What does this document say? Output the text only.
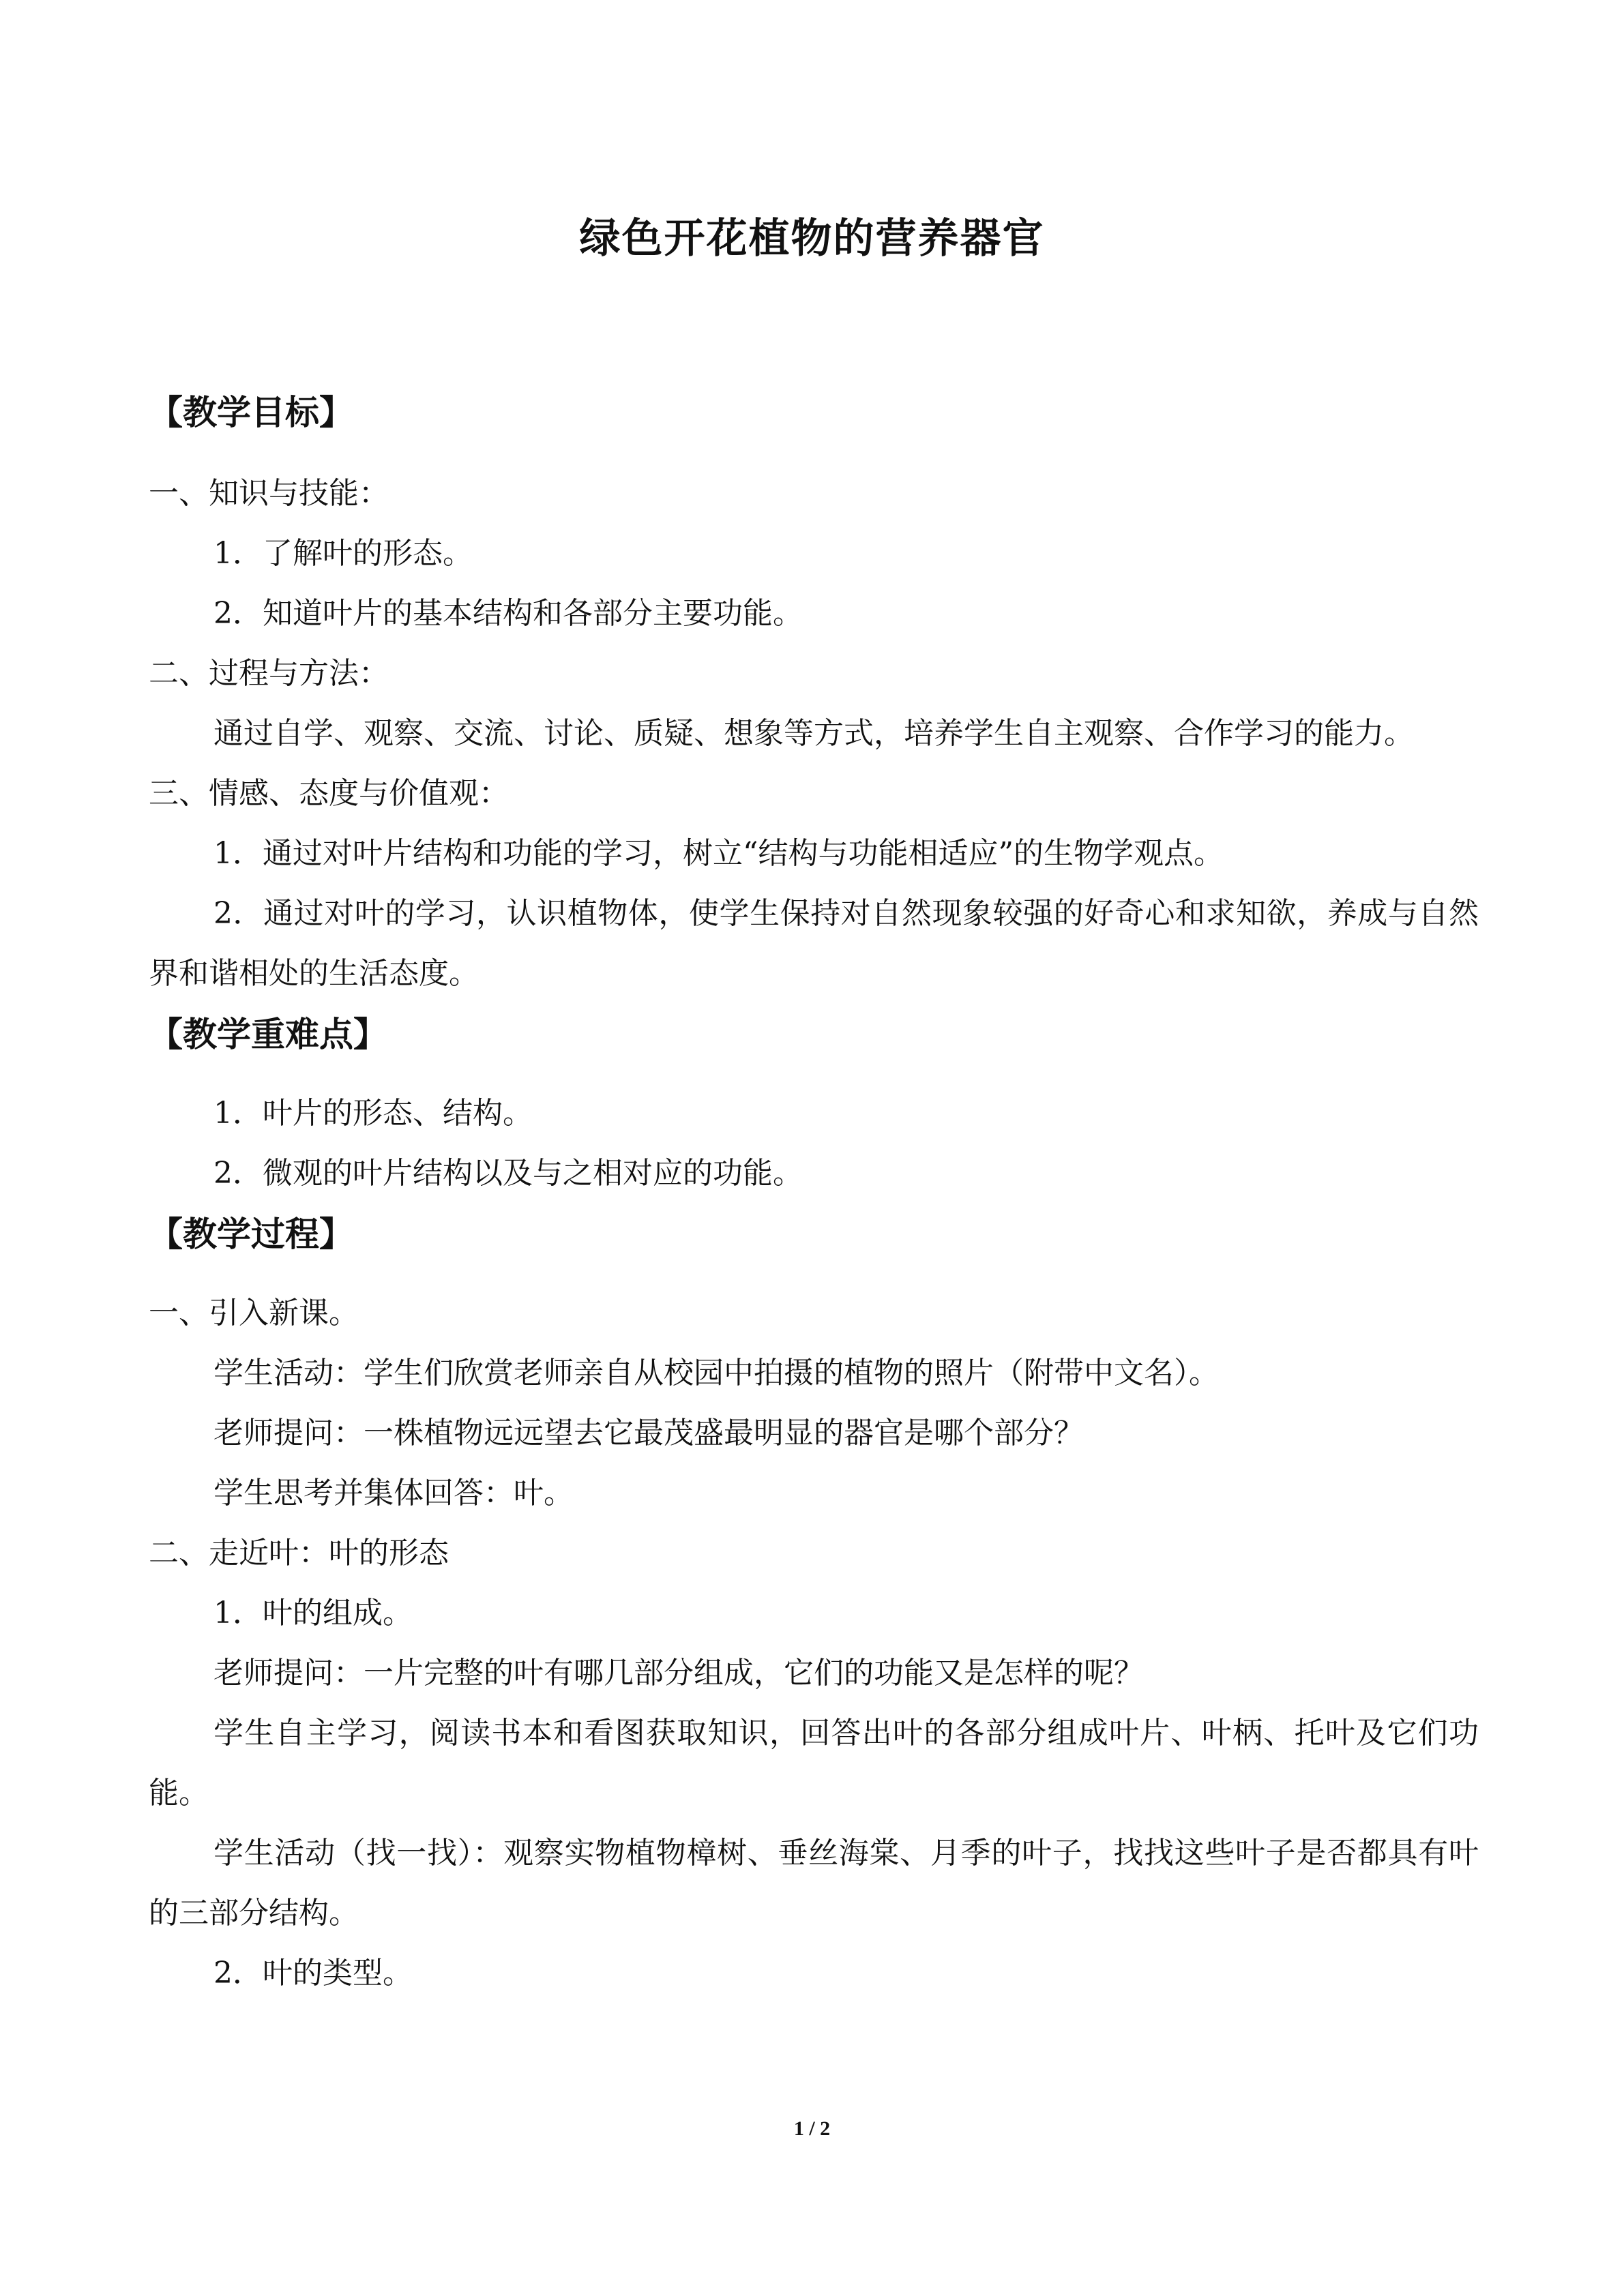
绿色开花植物的营养器官
【教学目标】

一、知识与技能：

1．了解叶的形态。

2．知道叶片的基本结构和各部分主要功能。

二、过程与方法：

通过自学、观察、交流、讨论、质疑、想象等方式，培养学生自主观察、合作学习的能力。

三、情感、态度与价值观：

1．通过对叶片结构和功能的学习，树立“结构与功能相适应”的生物学观点。

2．通过对叶的学习，认识植物体，使学生保持对自然现象较强的好奇心和求知欲，养成与自然界和谐相处的生活态度。

【教学重难点】

1．叶片的形态、结构。

2．微观的叶片结构以及与之相对应的功能。

【教学过程】

一、引入新课。

学生活动：学生们欣赏老师亲自从校园中拍摄的植物的照片（附带中文名）。

老师提问：一株植物远远望去它最茂盛最明显的器官是哪个部分？

学生思考并集体回答：叶。

二、走近叶：叶的形态

1．叶的组成。

老师提问：一片完整的叶有哪几部分组成，它们的功能又是怎样的呢？

学生自主学习，阅读书本和看图获取知识，回答出叶的各部分组成叶片、叶柄、托叶及它们功能。

学生活动（找一找）：观察实物植物樟树、垂丝海棠、月季的叶子，找找这些叶子是否都具有叶的三部分结构。

2．叶的类型。

1 / 2
